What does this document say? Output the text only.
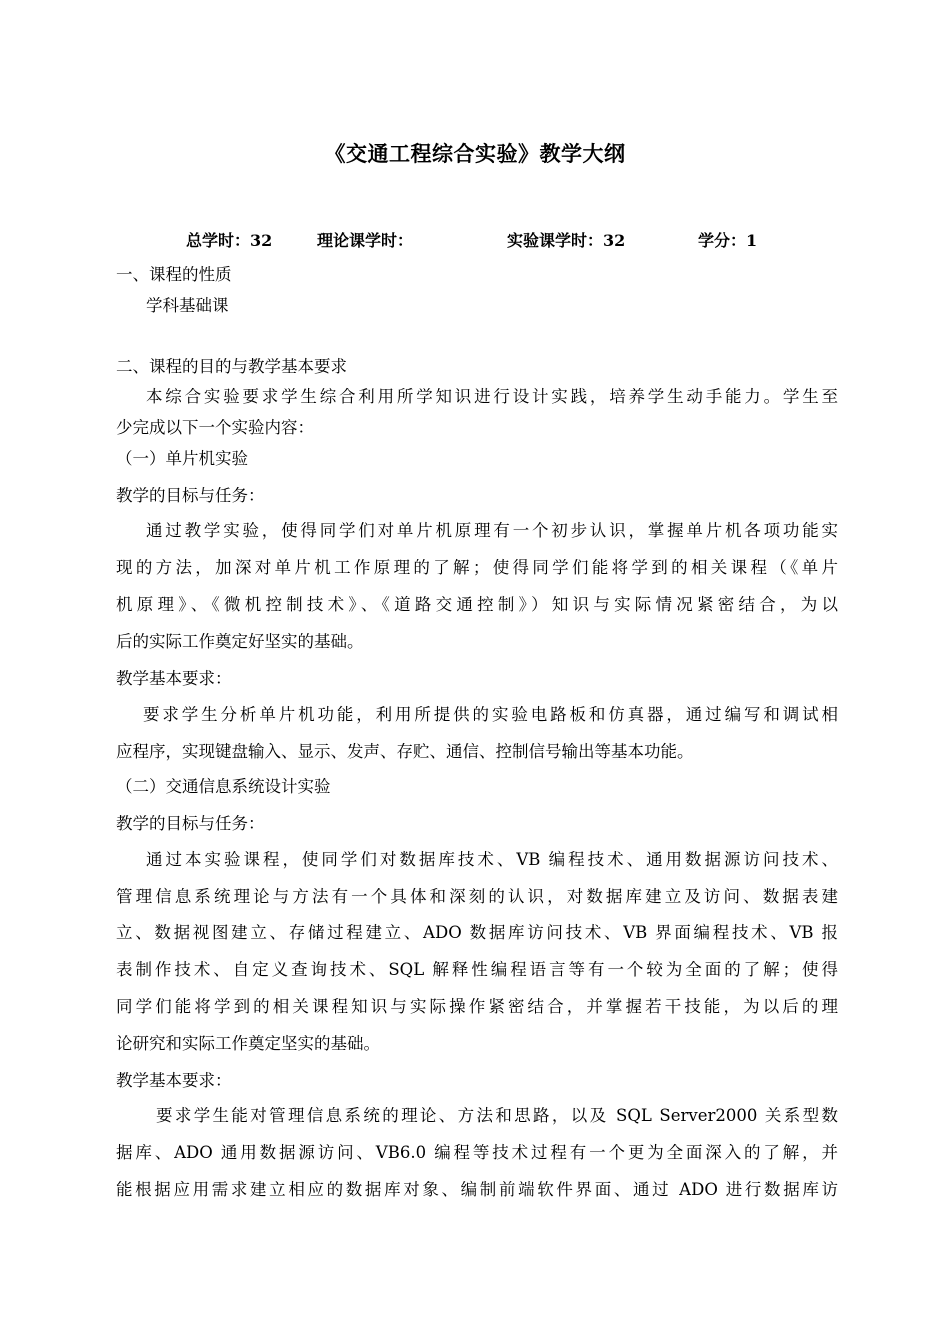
《交通工程综合实验》教学大纲
总学时：32	理论课学时：	实验课学时：32	学分：1
一、课程的性质
学科基础课
二、课程的目的与教学基本要求
本综合实验要求学生综合利用所学知识进行设计实践，培养学生动手能力。学生至
少完成以下一个实验内容：
（一）单片机实验
教学的目标与任务：
通过教学实验，使得同学们对单片机原理有一个初步认识，掌握单片机各项功能实
现的方法，加深对单片机工作原理的了解；使得同学们能将学到的相关课程（《单片
机原理》、《微机控制技术》、《道路交通控制》）知识与实际情况紧密结合，为以
后的实际工作奠定好坚实的基础。
教学基本要求：
要求学生分析单片机功能，利用所提供的实验电路板和仿真器，通过编写和调试相
应程序，实现键盘输入、显示、发声、存贮、通信、控制信号输出等基本功能。
（二）交通信息系统设计实验
教学的目标与任务：
通过本实验课程，使同学们对数据库技术、VB 编程技术、通用数据源访问技术、
管理信息系统理论与方法有一个具体和深刻的认识，对数据库建立及访问、数据表建
立、数据视图建立、存储过程建立、ADO 数据库访问技术、VB 界面编程技术、VB 报
表制作技术、自定义查询技术、SQL 解释性编程语言等有一个较为全面的了解；使得
同学们能将学到的相关课程知识与实际操作紧密结合，并掌握若干技能，为以后的理
论研究和实际工作奠定坚实的基础。
教学基本要求：
要求学生能对管理信息系统的理论、方法和思路，以及 SQL Server2000 关系型数
据库、ADO 通用数据源访问、VB6.0 编程等技术过程有一个更为全面深入的了解，并
能根据应用需求建立相应的数据库对象、编制前端软件界面、通过 ADO 进行数据库访
